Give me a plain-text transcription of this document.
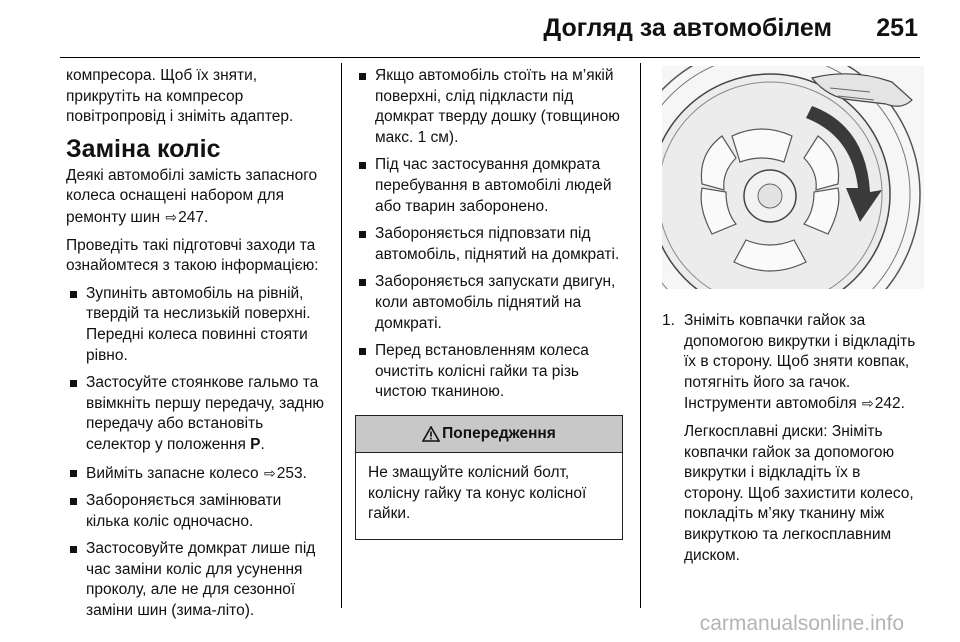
Догляд за автомобілем 251

компресора. Щоб їх зняти, прикрутіть на компресор повітропровід і зніміть адаптер.

Заміна коліс

Деякі автомобілі замість запасного колеса оснащені набором для ремонту шин ⇨247.

Проведіть такі підготовчі заходи та ознайомтеся з такою інформацією:

Зупиніть автомобіль на рівній, твердій та неслизькій поверхні. Передні колеса повинні стояти рівно.
Застосуйте стоянкове гальмо та ввімкніть першу передачу, задню передачу або встановіть селектор у положення P.
Вийміть запасне колесо ⇨253.
Забороняється замінювати кілька коліс одночасно.
Застосовуйте домкрат лише під час заміни коліс для усунення проколу, але не для сезонної заміни шин (зима-літо).
Якщо автомобіль стоїть на м’якій поверхні, слід підкласти під домкрат тверду дошку (товщиною макс. 1 см).
Під час застосування домкрата перебування в автомобілі людей або тварин заборонено.
Забороняється підповзати під автомобіль, піднятий на домкраті.
Забороняється запускати двигун, коли автомобіль піднятий на домкраті.
Перед встановленням колеса очистіть колісні гайки та різь чистою тканиною.
Попередження
Не змащуйте колісний болт, колісну гайку та конус колісної гайки.
1. Зніміть ковпачки гайок за допомогою викрутки і відкладіть їх в сторону. Щоб зняти ковпак, потягніть його за гачок. Інструменти автомобіля ⇨242.

Легкосплавні диски: Зніміть ковпачки гайок за допомогою викрутки і відкладіть їх в сторону. Щоб захистити колесо, покладіть м’яку тканину між викруткою та легкосплавним диском.

carmanualsonline.info
